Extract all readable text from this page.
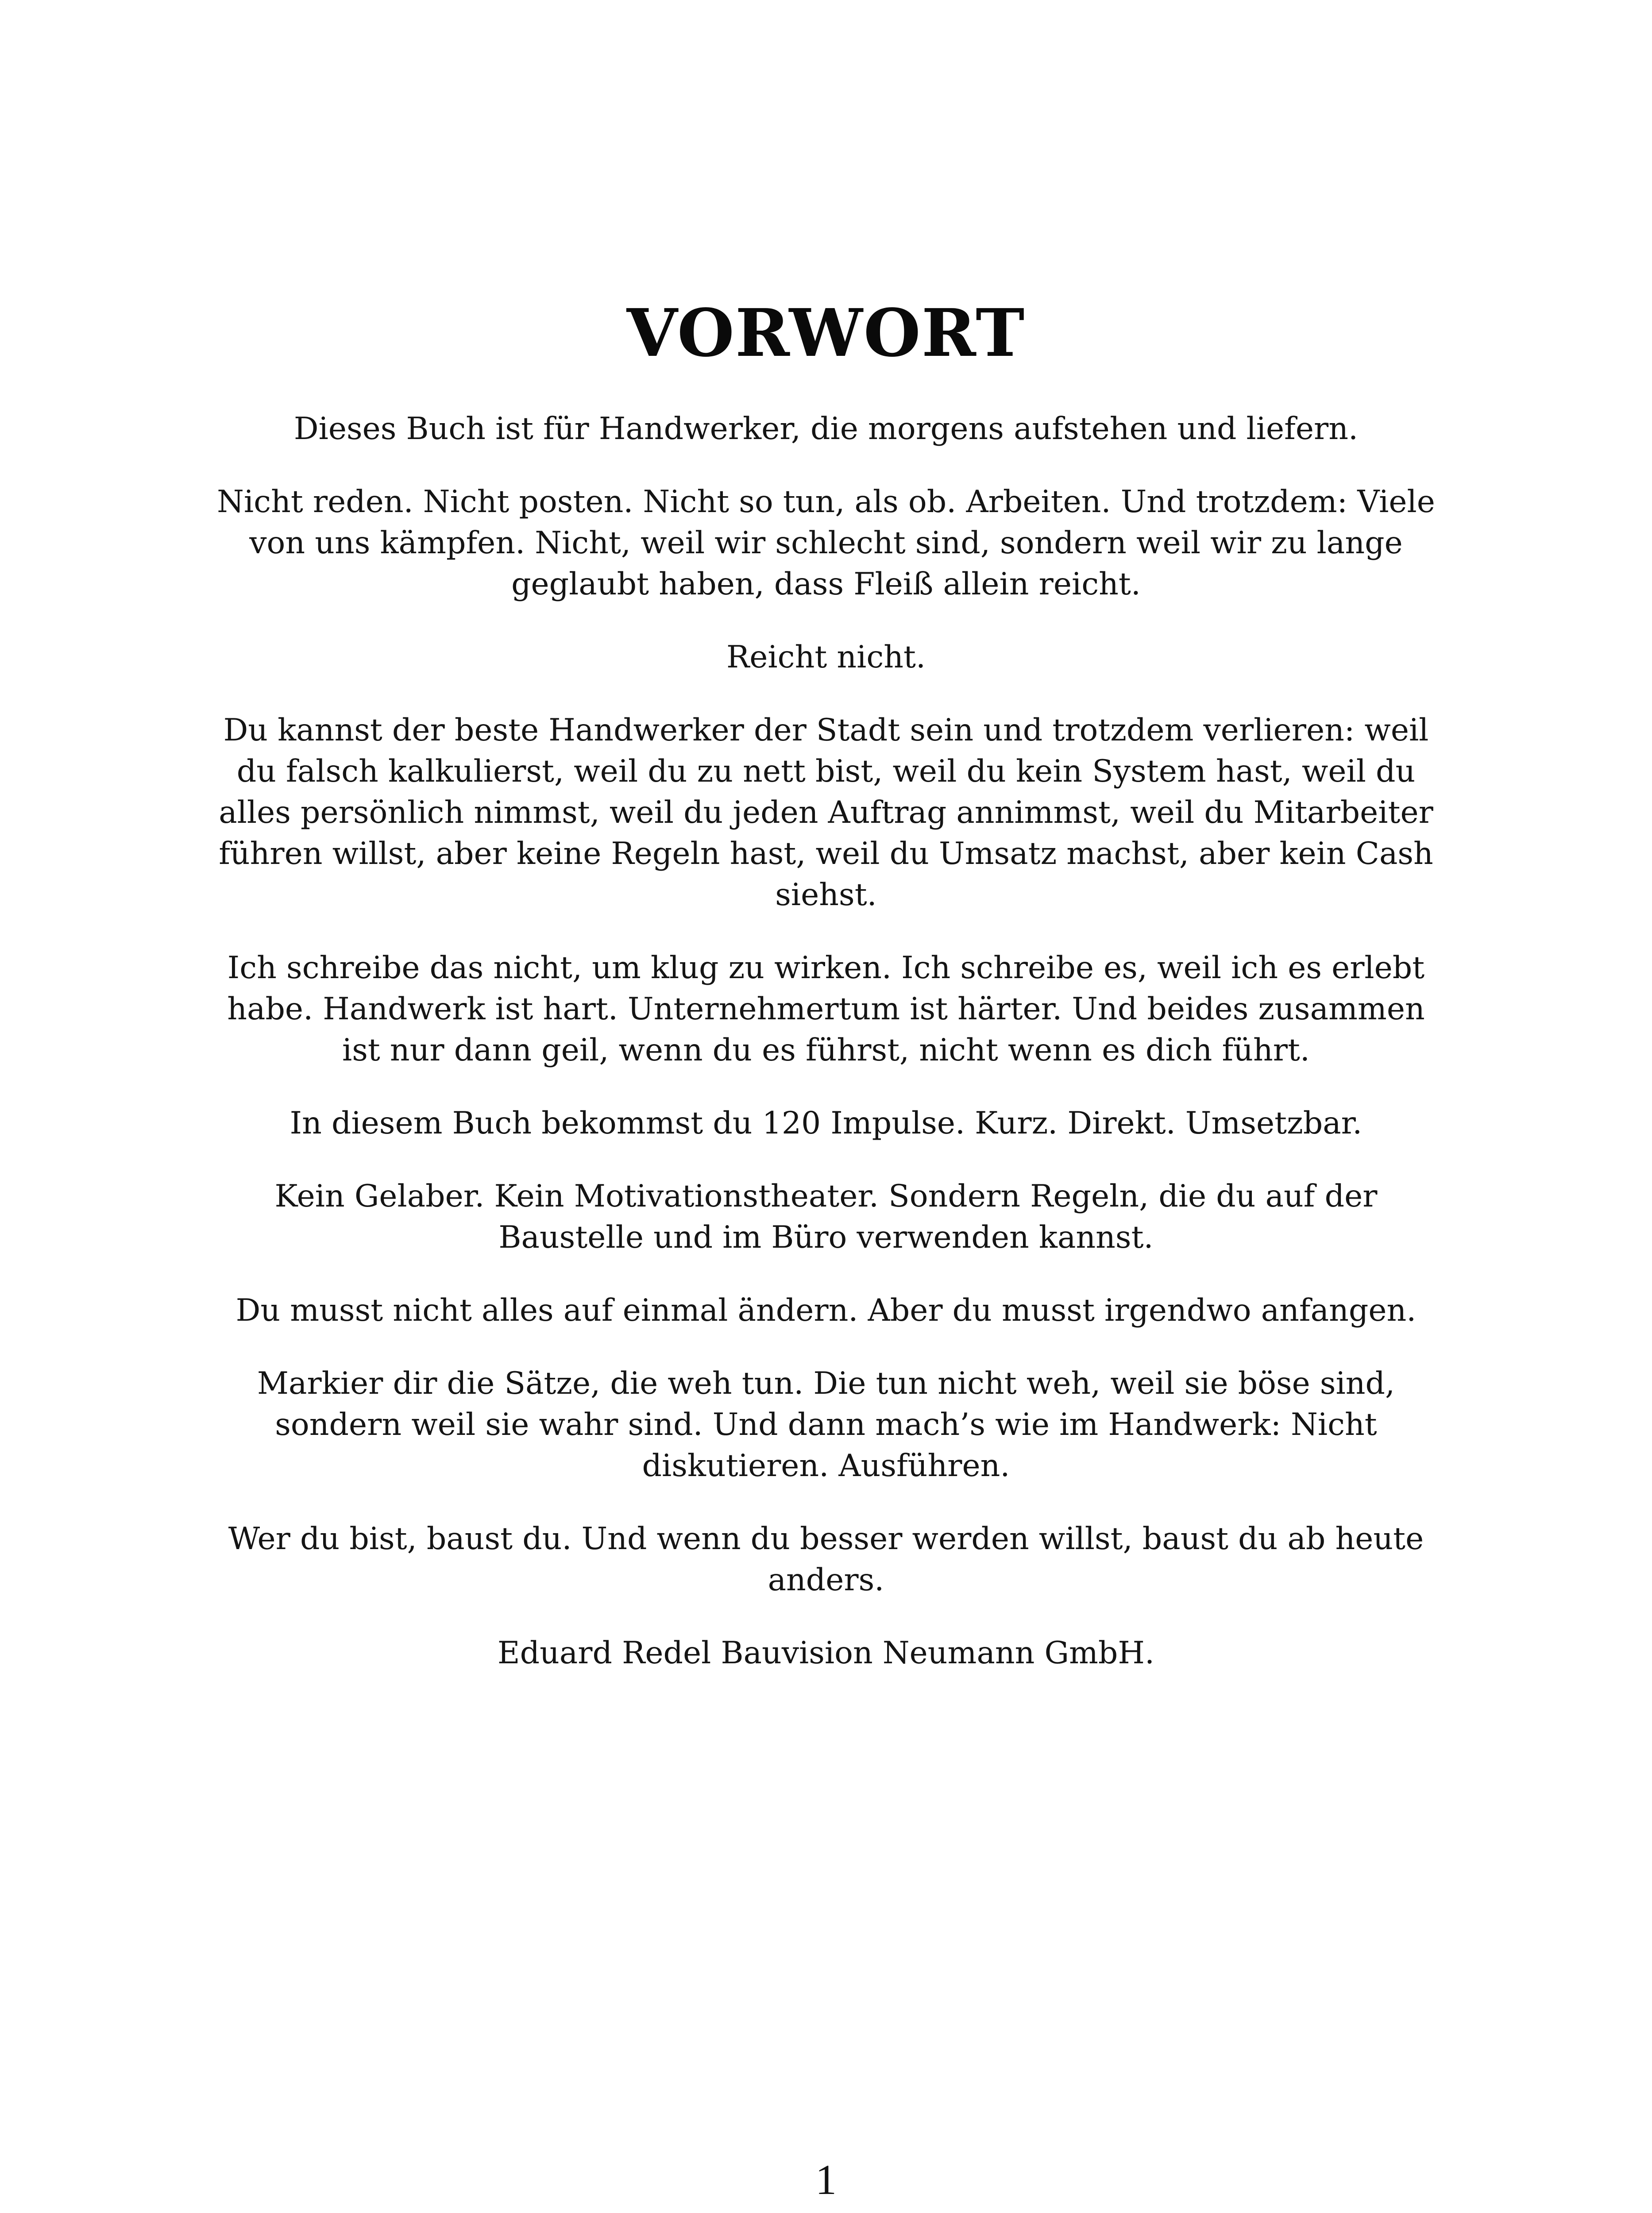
VORWORT

Dieses Buch ist für Handwerker, die morgens aufstehen und liefern.

Nicht reden. Nicht posten. Nicht so tun, als ob. Arbeiten. Und trotzdem: Viele von uns kämpfen. Nicht, weil wir schlecht sind, sondern weil wir zu lange geglaubt haben, dass Fleiß allein reicht.

Reicht nicht.

Du kannst der beste Handwerker der Stadt sein und trotzdem verlieren: weil du falsch kalkulierst, weil du zu nett bist, weil du kein System hast, weil du alles persönlich nimmst, weil du jeden Auftrag annimmst, weil du Mitarbeiter führen willst, aber keine Regeln hast, weil du Umsatz machst, aber kein Cash siehst.

Ich schreibe das nicht, um klug zu wirken. Ich schreibe es, weil ich es erlebt habe. Handwerk ist hart. Unternehmertum ist härter. Und beides zusammen ist nur dann geil, wenn du es führst, nicht wenn es dich führt.

In diesem Buch bekommst du 120 Impulse. Kurz. Direkt. Umsetzbar.

Kein Gelaber. Kein Motivationstheater. Sondern Regeln, die du auf der Baustelle und im Büro verwenden kannst.

Du musst nicht alles auf einmal ändern. Aber du musst irgendwo anfangen.

Markier dir die Sätze, die weh tun. Die tun nicht weh, weil sie böse sind, sondern weil sie wahr sind. Und dann mach’s wie im Handwerk: Nicht diskutieren. Ausführen.

Wer du bist, baust du. Und wenn du besser werden willst, baust du ab heute anders.

Eduard Redel Bauvision Neumann GmbH.

1
